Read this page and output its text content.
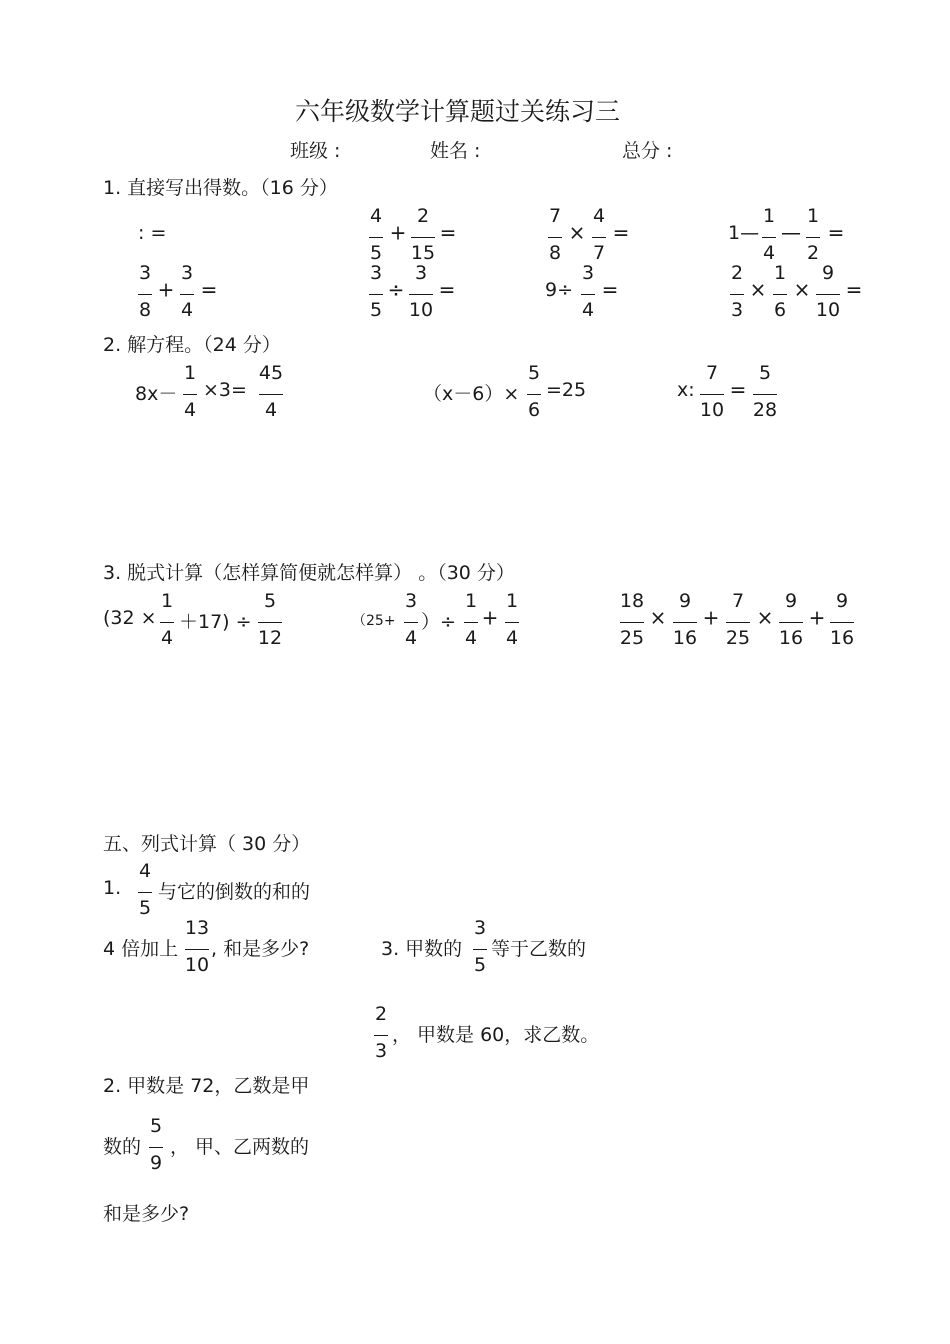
六年级数学计算题过关练习三
班级 :	姓名 :	总分 :
1. 直接写出得数。（16 分）
: =
4
5
+
2
15
=
7
8
×
4
7
=	1—
1
4
—
1
2
=
3
8
+
3
4
=
3
5
÷
3
10
=	9÷
3
4
=
2
3
×
1
6
×
9
10
=
2. 解方程。（24 分）
8x－
1
4
×3=
45
4
（x－6）×
5
6
=25	x:
7
10
=
5
28
3. 脱式计算（怎样算简便就怎样算） 。（30 分）
(32 ×
1
4
＋17) ÷
5
12
（25+
3
4
）÷
1
4
+
1
4
18
25
×
9
16
+
7
25
×
9
16
+
9
16
五、列式计算（ 30 分）
1.
4
5
与它的倒数的和的
4 倍加上
13
10
, 和是多少?	3. 甲数的
3
5
等于乙数的
2
3
， 甲数是 60，求乙数。
2. 甲数是 72，乙数是甲
数的
5
9
， 甲、乙两数的
和是多少?
